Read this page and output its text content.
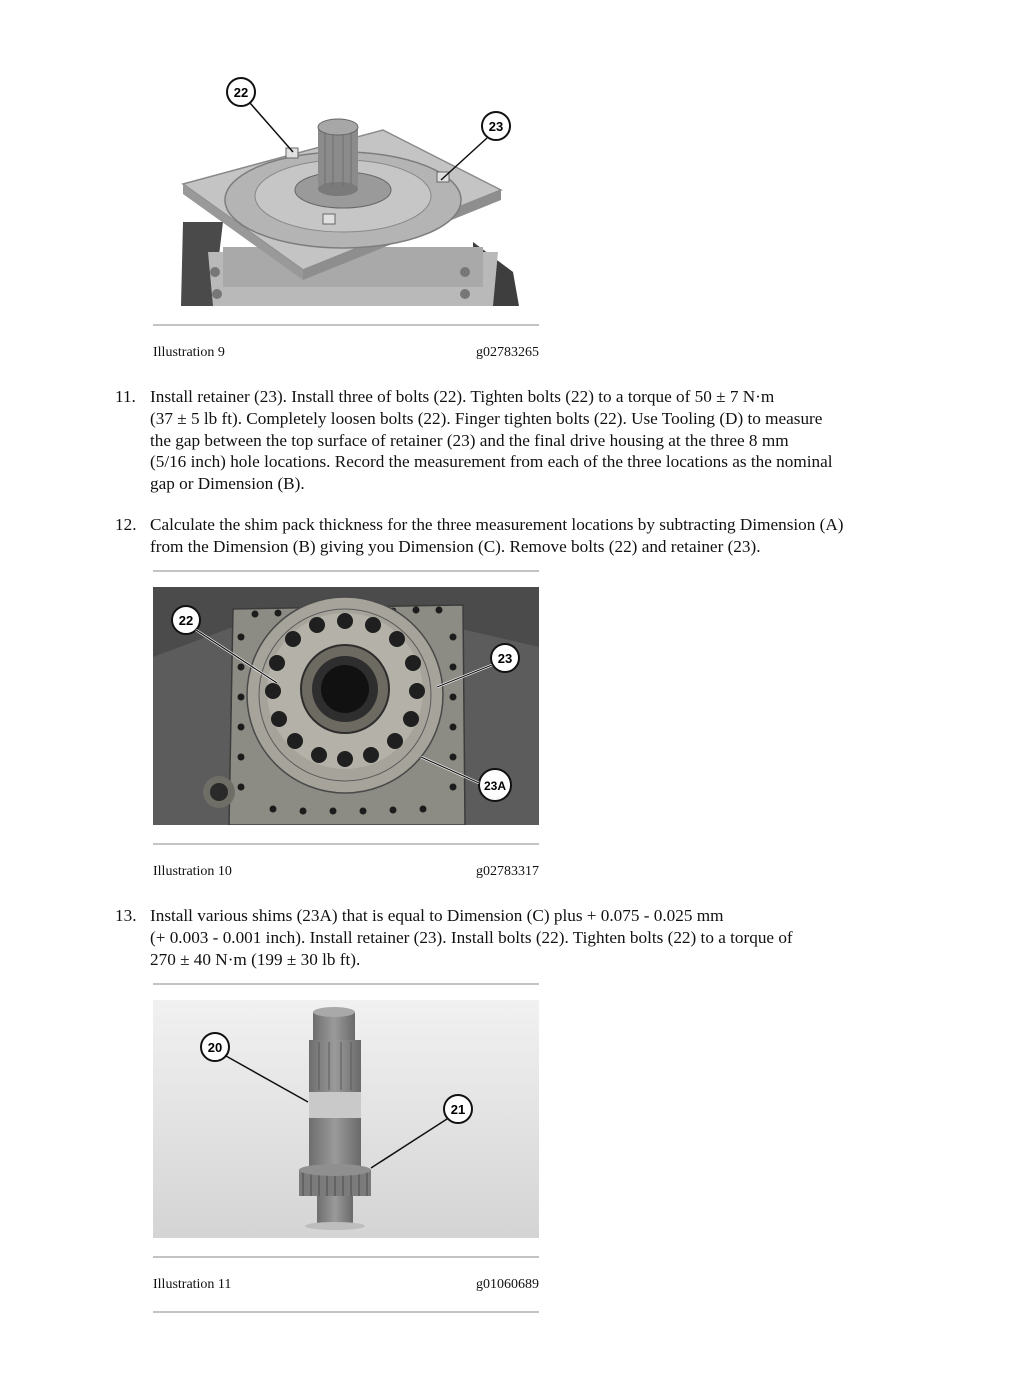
22
23
Illustration 9	g02783265
11. Install retainer (23). Install three of bolts (22). Tighten bolts (22) to a torque of 50 ± 7 N·m
(37 ± 5 lb ft). Completely loosen bolts (22). Finger tighten bolts (22). Use Tooling (D) to measure
the gap between the top surface of retainer (23) and the final drive housing at the three 8 mm
(5/16 inch) hole locations. Record the measurement from each of the three locations as the nominal
gap or Dimension (B).
12. Calculate the shim pack thickness for the three measurement locations by subtracting Dimension (A)
from the Dimension (B) giving you Dimension (C). Remove bolts (22) and retainer (23).
22
23
23A
Illustration 10	g02783317
13. Install various shims (23A) that is equal to Dimension (C) plus + 0.075 - 0.025 mm
(+ 0.003 - 0.001 inch). Install retainer (23). Install bolts (22). Tighten bolts (22) to a torque of
270 ± 40 N·m (199 ± 30 lb ft).
20
21
Illustration 11	g01060689
